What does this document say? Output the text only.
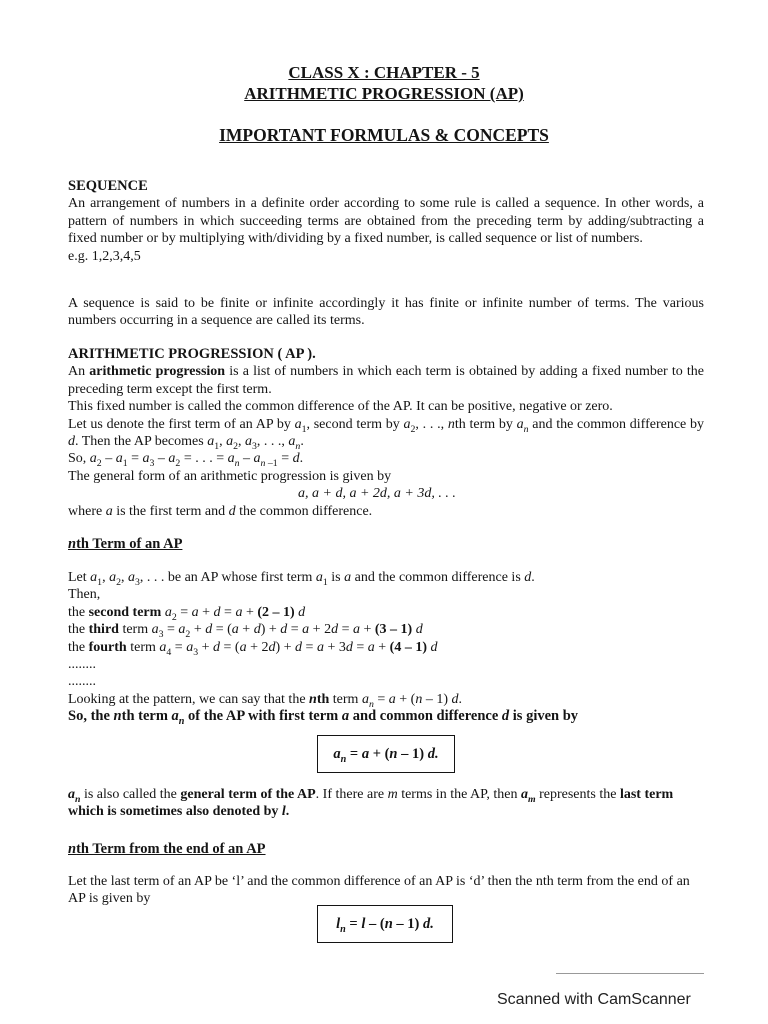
CLASS X : CHAPTER - 5
ARITHMETIC PROGRESSION (AP)
IMPORTANT FORMULAS & CONCEPTS

SEQUENCE

An arrangement of numbers in a definite order according to some rule is called a sequence. In other words, a pattern of numbers in which succeeding terms are obtained from the preceding term by adding/subtracting a fixed number or by multiplying with/dividing by a fixed number, is called sequence or list of numbers.

e.g. 1,2,3,4,5

A sequence is said to be finite or infinite accordingly it has finite or infinite number of terms. The various numbers occurring in a sequence are called its terms.

ARITHMETIC PROGRESSION ( AP ).

An arithmetic progression is a list of numbers in which each term is obtained by adding a fixed number to the preceding term except the first term.

This fixed number is called the common difference of the AP. It can be positive, negative or zero.

Let us denote the first term of an AP by $a_1$, second term by $a_2$, . . ., nth term by $a_n$ and the common difference by d. Then the AP becomes $a_1$, $a_2$, $a_3$, . . ., $a_n$.

So, $a_2 - a_1 = a_3 - a_2$ = . . . = $a_n - a_n$ $_{-1}$ = d.

The general form of an arithmetic progression is given by

a, a + d, a + 2d, a + 3d, . . .

where a is the first term and d the common difference.

nth Term of an AP

Let $a_1$, $a_2$, $a_3$, . . . be an AP whose first term $a_1$ is a and the common difference is d.

Then,

the second term $a_2 = a + d = a + (2 - 1)$ d

the third term $a_3 = a_2 + d = (a + d) + d = a + 2d = a + (3 - 1)$ d

the fourth term $a_4 = a_3 + d = (a + 2d) + d = a + 3d = a + (4 - 1)$ d

........

........

Looking at the pattern, we can say that the nth term $a_n = a + (n - 1)$ d.

So, the nth term $a_n$ of the AP with first term a and common difference d is given by

$a_n = a + (n - 1)$ d.

$a_n$ is also called the general term of the AP. If there are m terms in the AP, then $a_m$ represents the last term which is sometimes also denoted by l.

nth Term from the end of an AP

Let the last term of an AP be ‘l’ and the common difference of an AP is ‘d’ then the nth term from the end of an AP is given by
$l_n = l - (n - 1)$ d.
Scanned with CamScanner
